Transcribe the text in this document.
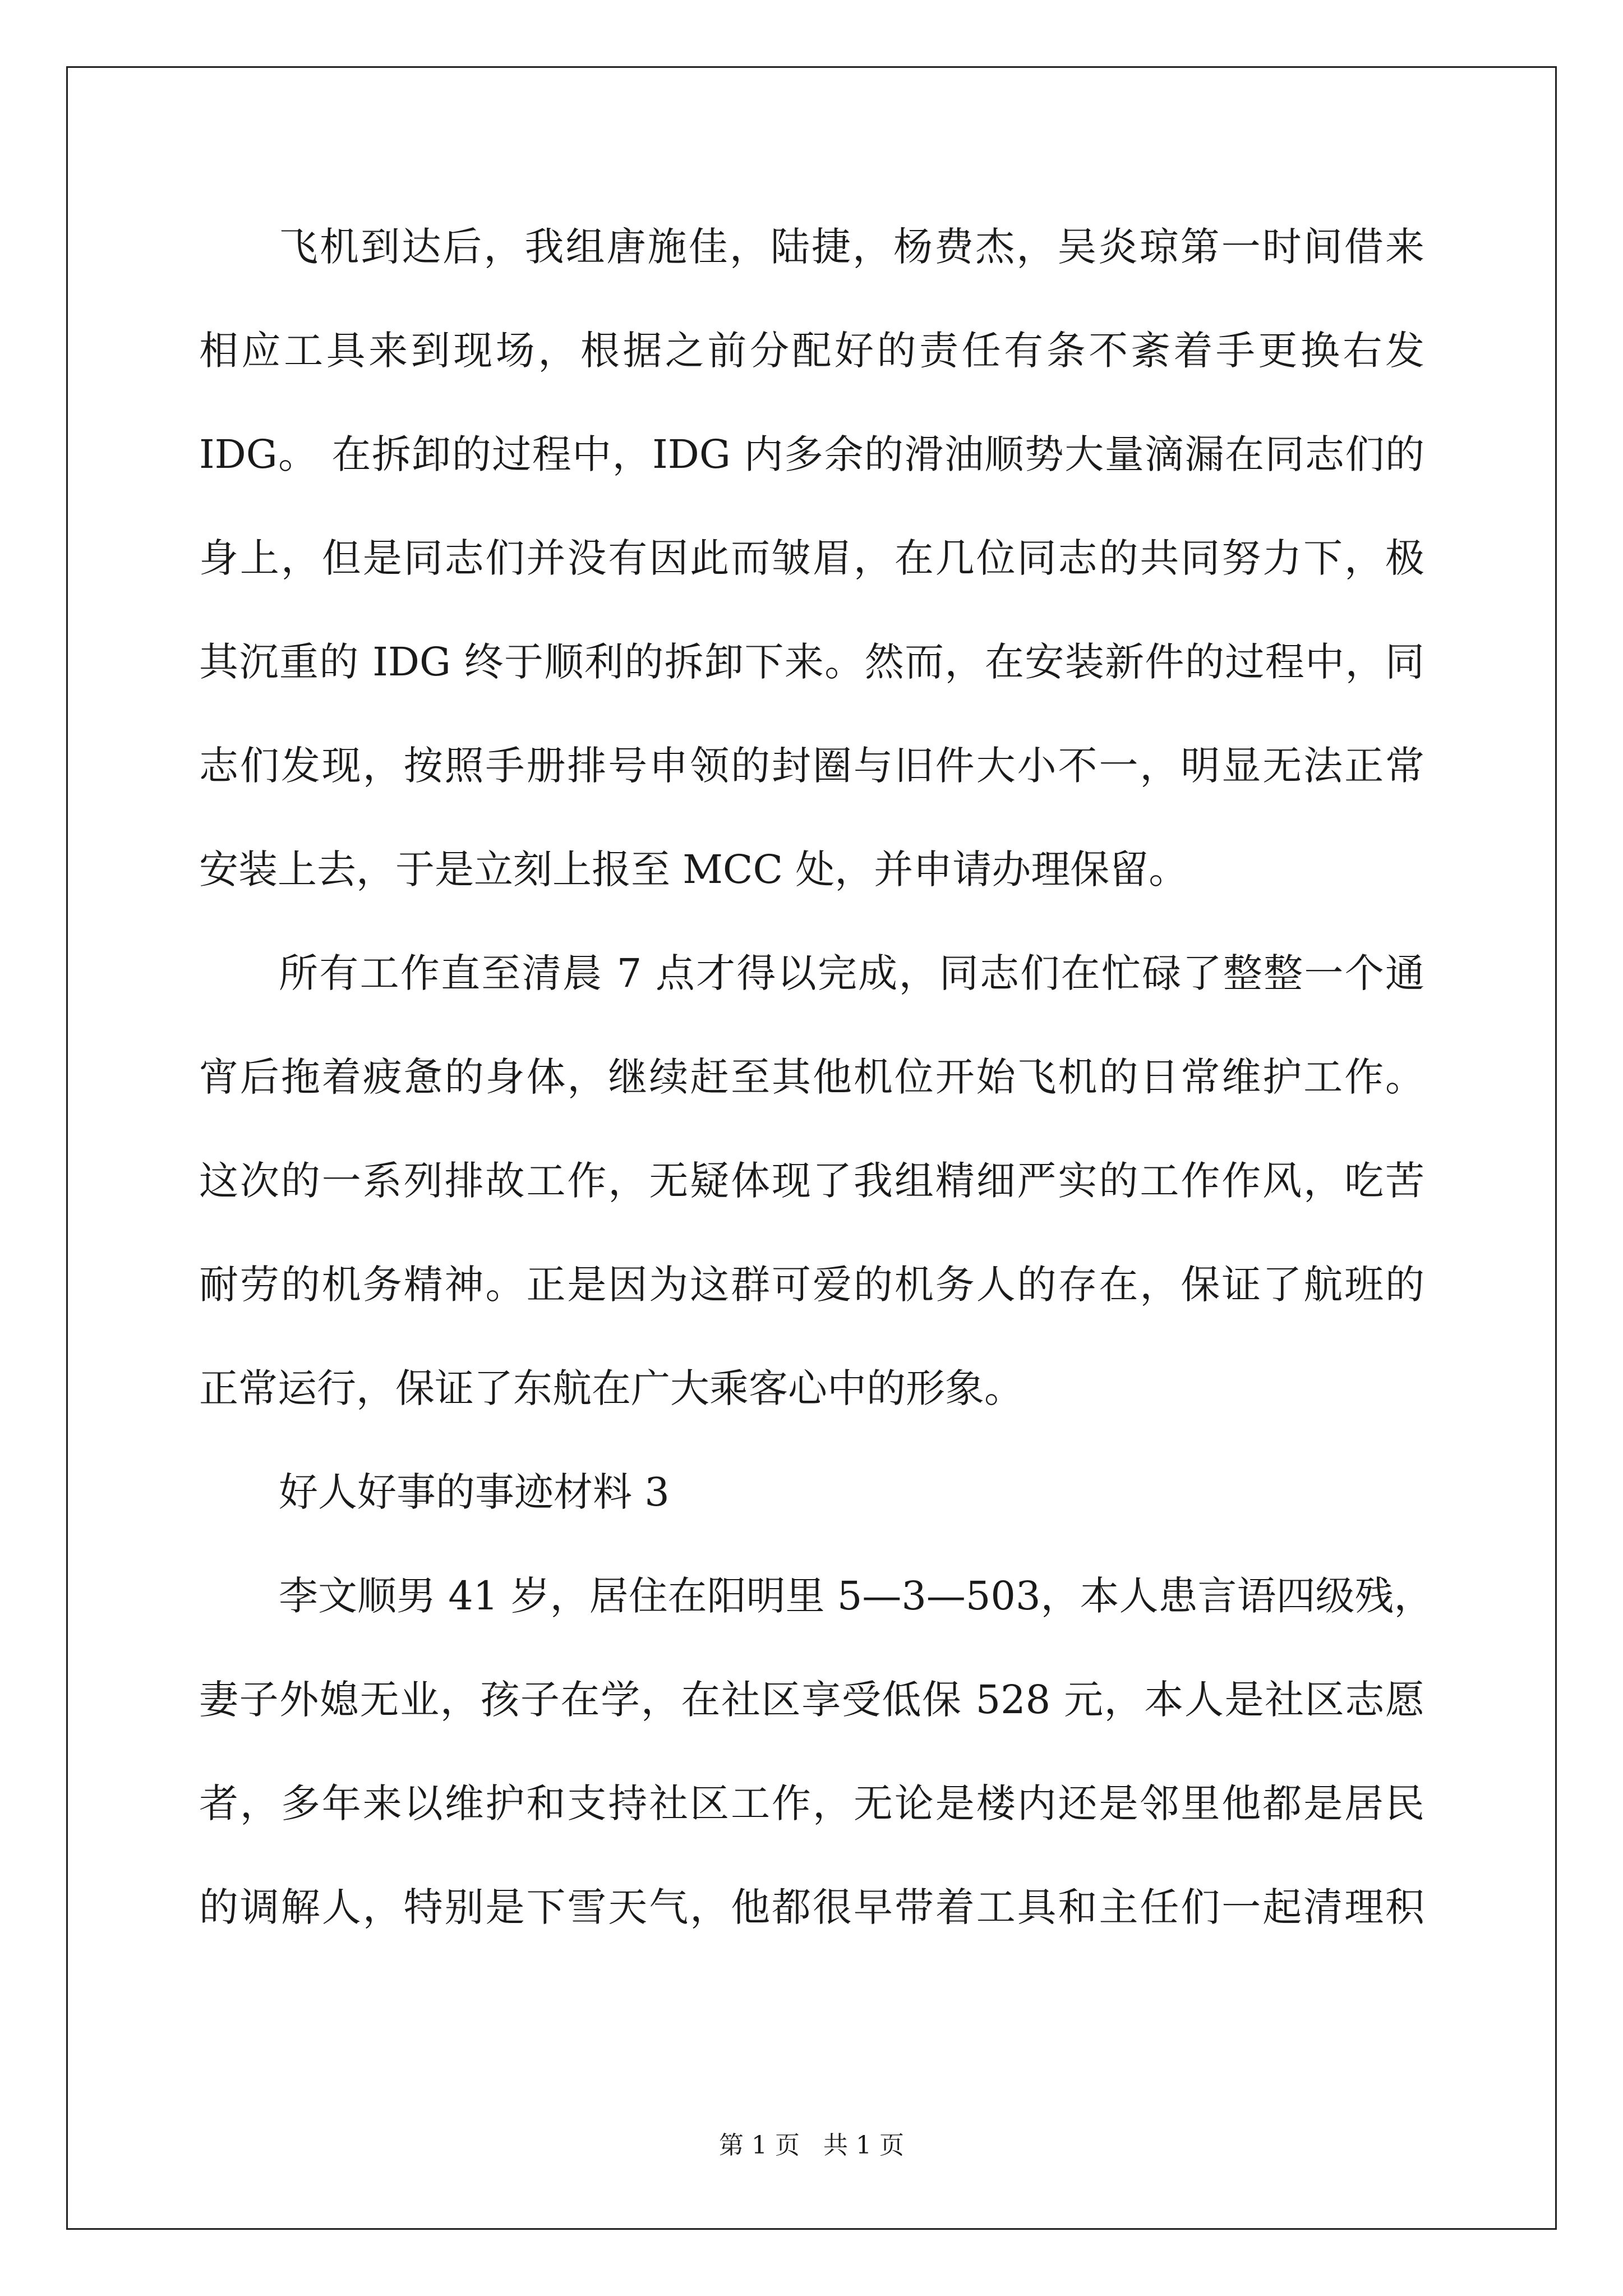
飞机到达后，我组唐施佳，陆捷，杨费杰，吴炎琼第一时间借来
相应工具来到现场，根据之前分配好的责任有条不紊着手更换右发
IDG。 在拆卸的过程中，IDG 内多余的滑油顺势大量滴漏在同志们的
身上，但是同志们并没有因此而皱眉，在几位同志的共同努力下，极
其沉重的 IDG 终于顺利的拆卸下来。然而，在安装新件的过程中，同
志们发现，按照手册排号申领的封圈与旧件大小不一，明显无法正常
安装上去，于是立刻上报至 MCC 处，并申请办理保留。
所有工作直至清晨 7 点才得以完成，同志们在忙碌了整整一个通
宵后拖着疲惫的身体，继续赶至其他机位开始飞机的日常维护工作。
这次的一系列排故工作，无疑体现了我组精细严实的工作作风，吃苦
耐劳的机务精神。正是因为这群可爱的机务人的存在，保证了航班的
正常运行，保证了东航在广大乘客心中的形象。
好人好事的事迹材料 3
李文顺男 41 岁，居住在阳明里 5—3—503，本人患言语四级残，
妻子外媳无业，孩子在学，在社区享受低保 528 元，本人是社区志愿
者，多年来以维护和支持社区工作，无论是楼内还是邻里他都是居民
的调解人，特别是下雪天气，他都很早带着工具和主任们一起清理积
第 1 页   共 1 页
